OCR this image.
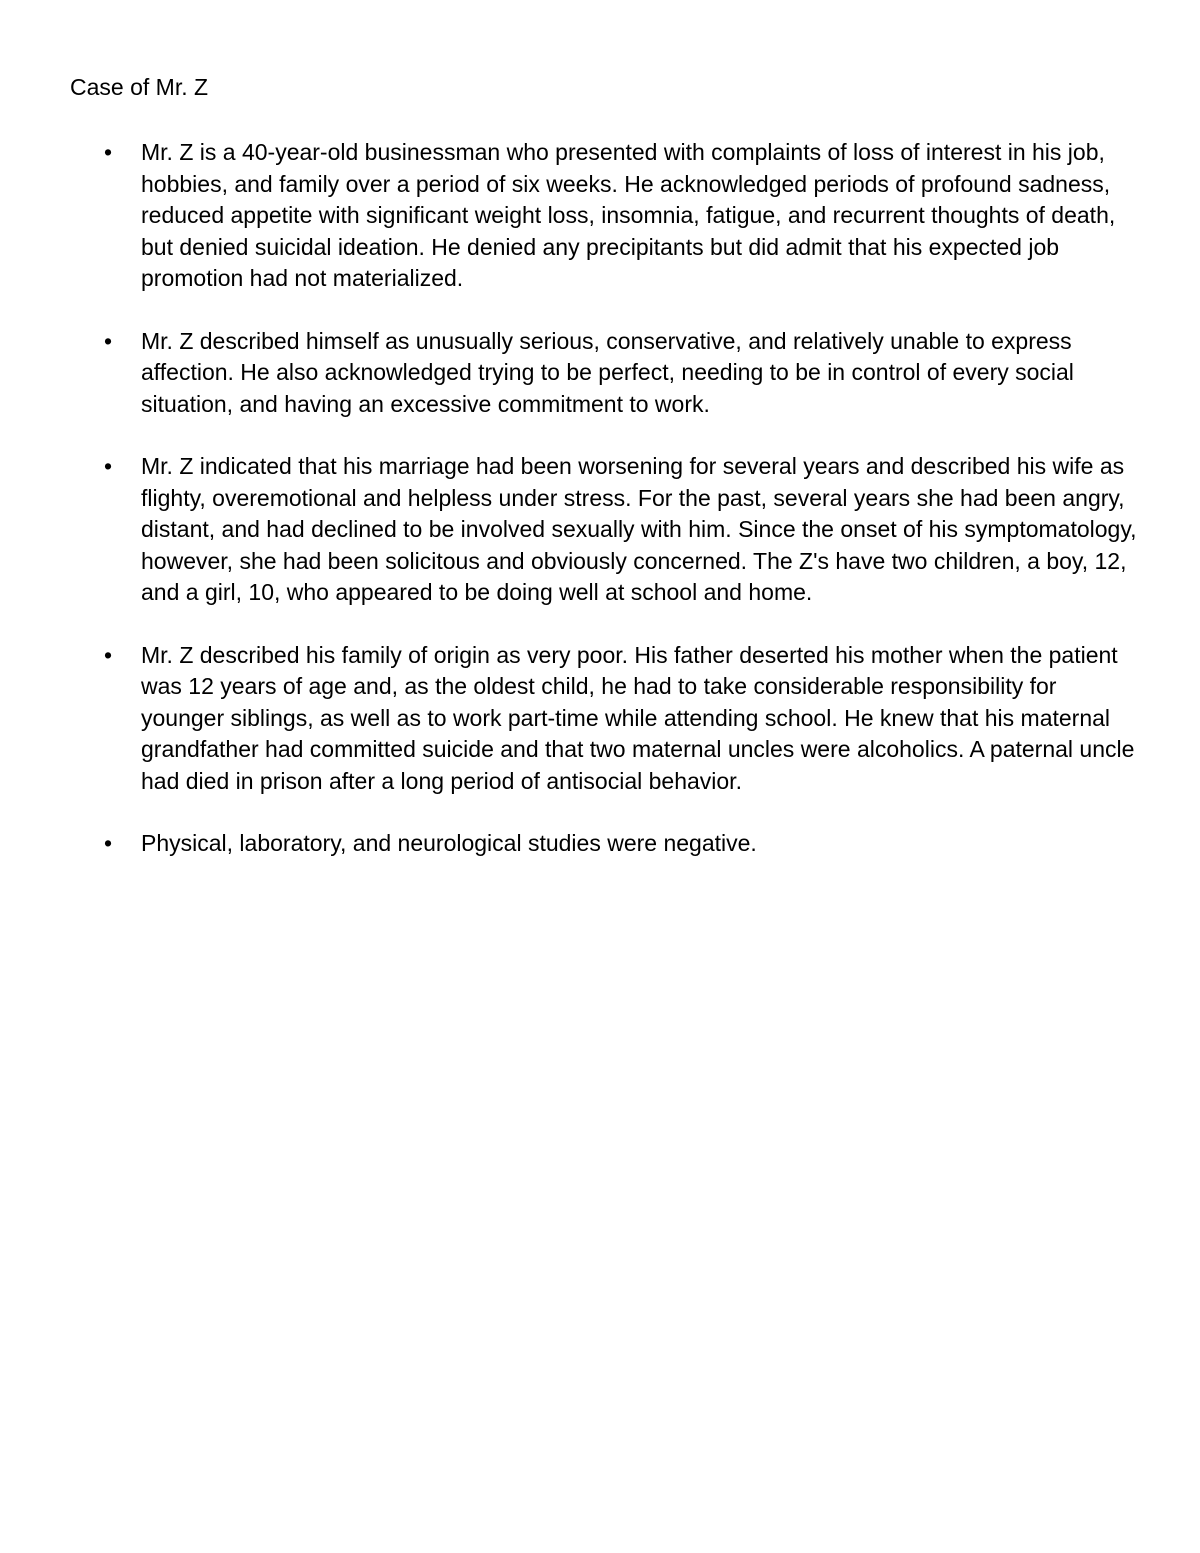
Case of Mr. Z
• Mr. Z is a 40-year-old businessman who presented with complaints of loss of interest in his job, hobbies, and family over a period of six weeks. He acknowledged periods of profound sadness, reduced appetite with significant weight loss, insomnia, fatigue, and recurrent thoughts of death, but denied suicidal ideation. He denied any precipitants but did admit that his expected job promotion had not materialized.
• Mr. Z described himself as unusually serious, conservative, and relatively unable to express affection. He also acknowledged trying to be perfect, needing to be in control of every social situation, and having an excessive commitment to work.
• Mr. Z indicated that his marriage had been worsening for several years and described his wife as flighty, overemotional and helpless under stress. For the past, several years she had been angry, distant, and had declined to be involved sexually with him. Since the onset of his symptomatology, however, she had been solicitous and obviously concerned. The Z's have two children, a boy, 12, and a girl, 10, who appeared to be doing well at school and home.
• Mr. Z described his family of origin as very poor. His father deserted his mother when the patient was 12 years of age and, as the oldest child, he had to take considerable responsibility for younger siblings, as well as to work part-time while attending school. He knew that his maternal grandfather had committed suicide and that two maternal uncles were alcoholics. A paternal uncle had died in prison after a long period of antisocial behavior.
• Physical, laboratory, and neurological studies were negative.
